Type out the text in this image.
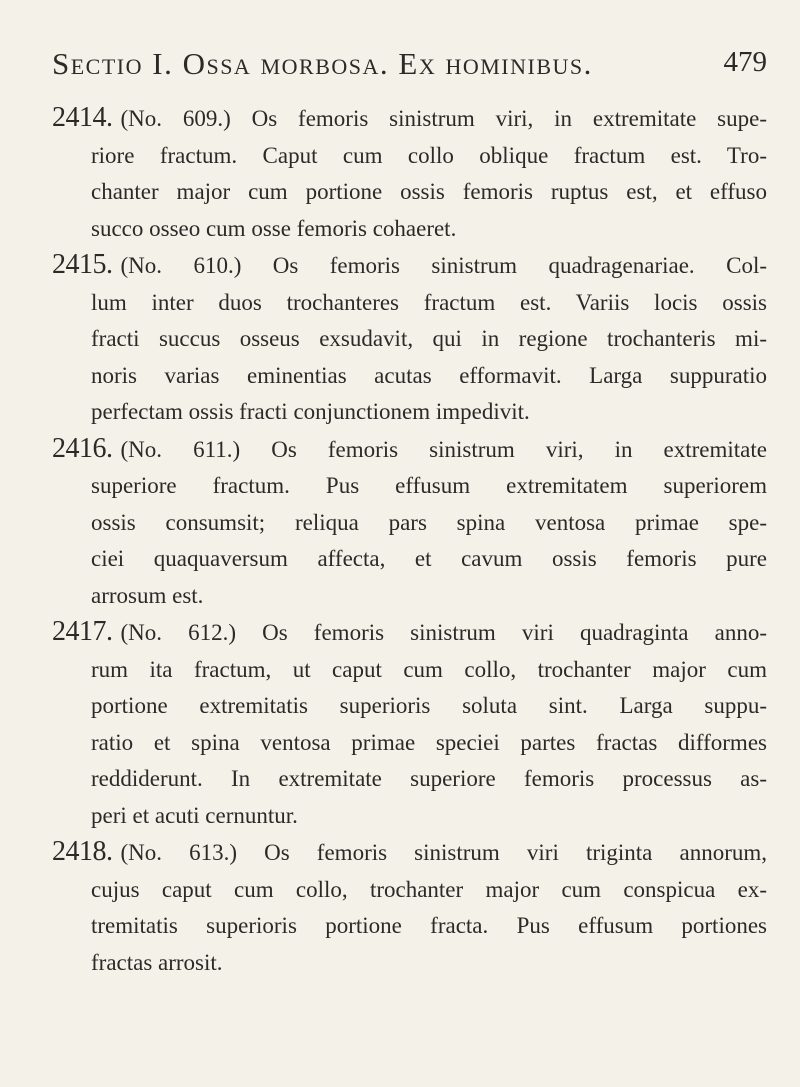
Sectio I. Ossa morbosa. Ex hominibus.	479
2414. (No. 609.) Os femoris sinistrum viri, in extremitate supe-
riore fractum. Caput cum collo oblique fractum est. Tro-
chanter major cum portione ossis femoris ruptus est, et effuso
succo osseo cum osse femoris cohaeret.
2415. (No. 610.) Os femoris sinistrum quadragenariae. Col-
lum inter duos trochanteres fractum est. Variis locis ossis
fracti succus osseus exsudavit, qui in regione trochanteris mi-
noris varias eminentias acutas efformavit. Larga suppuratio
perfectam ossis fracti conjunctionem impedivit.
2416. (No. 611.) Os femoris sinistrum viri, in extremitate
superiore fractum. Pus effusum extremitatem superiorem
ossis consumsit; reliqua pars spina ventosa primae spe-
ciei quaquaversum affecta, et cavum ossis femoris pure
arrosum est.
2417. (No. 612.) Os femoris sinistrum viri quadraginta anno-
rum ita fractum, ut caput cum collo, trochanter major cum
portione extremitatis superioris soluta sint. Larga suppu-
ratio et spina ventosa primae speciei partes fractas difformes
reddiderunt. In extremitate superiore femoris processus as-
peri et acuti cernuntur.
2418. (No. 613.) Os femoris sinistrum viri triginta annorum,
cujus caput cum collo, trochanter major cum conspicua ex-
tremitatis superioris portione fracta. Pus effusum portiones
fractas arrosit.
